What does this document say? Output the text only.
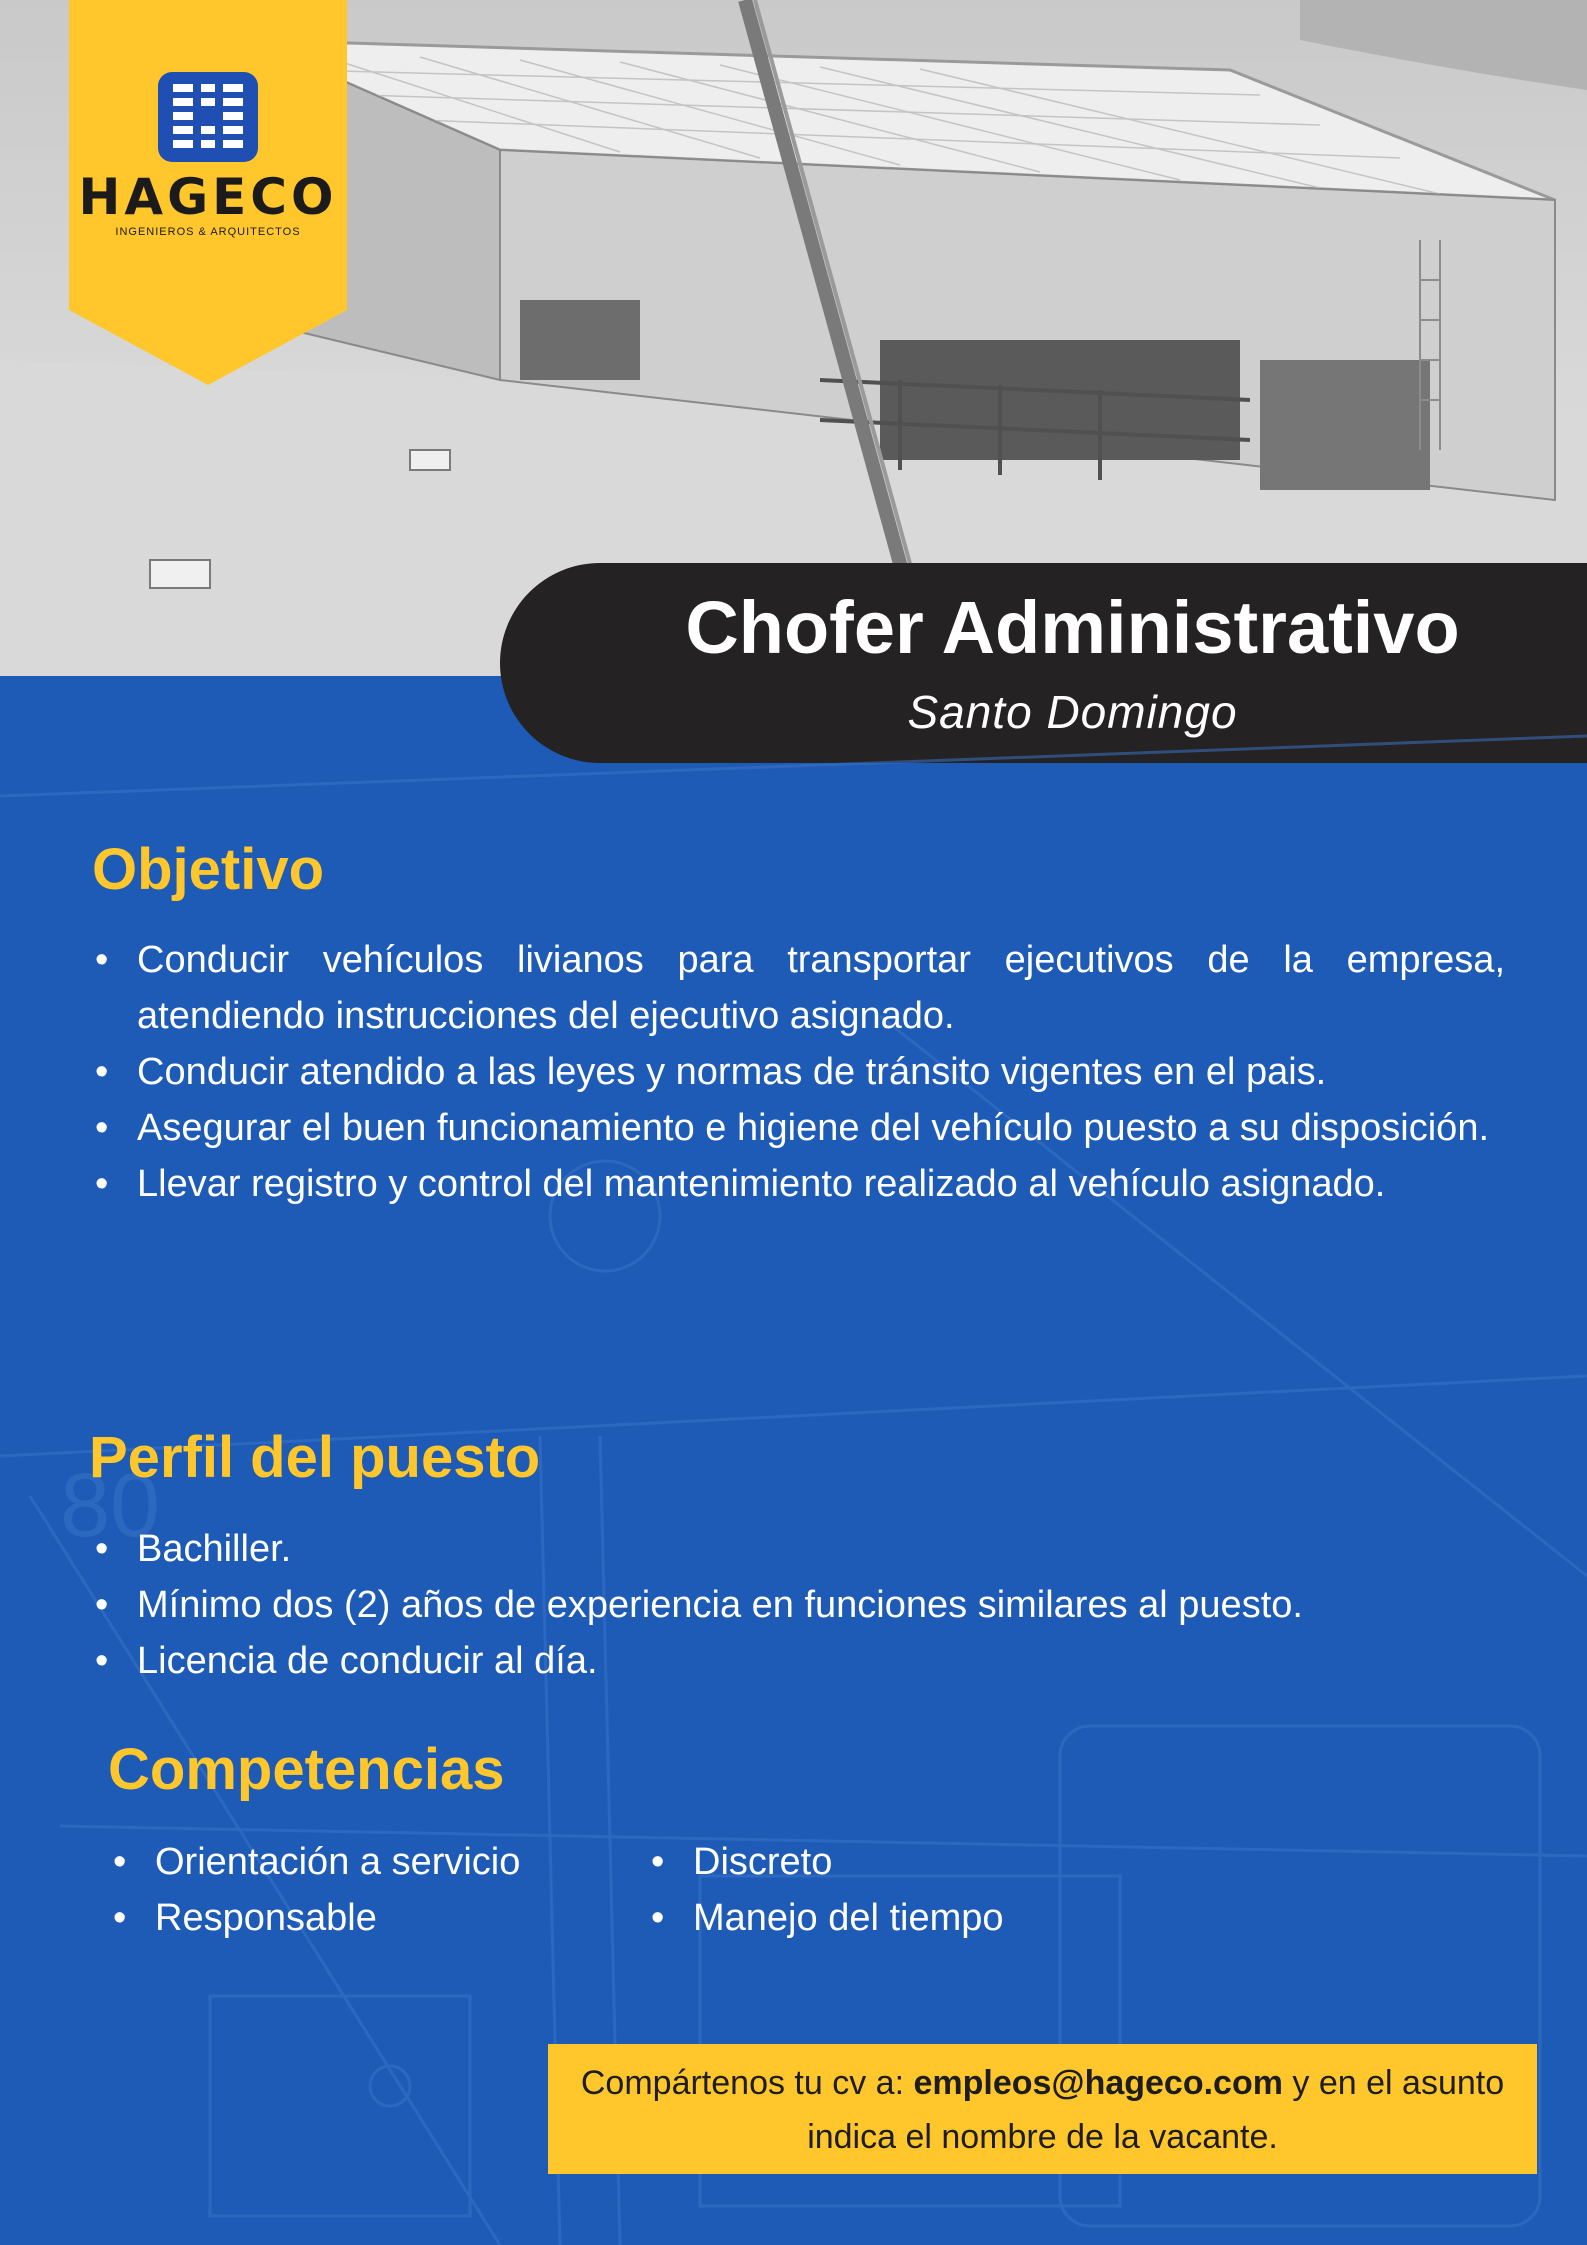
HAGECO
INGENIEROS & ARQUITECTOS
Chofer Administrativo
Santo Domingo
80
Objetivo
• Conducir vehículos livianos para transportar ejecutivos de la empresa, atendiendo instrucciones del ejecutivo asignado.
• Conducir atendido a las leyes y normas de tránsito vigentes en el pais.
• Asegurar el buen funcionamiento e higiene del vehículo puesto a su disposición.
• Llevar registro y control del mantenimiento realizado al vehículo asignado.
Perfil del puesto
• Bachiller.
• Mínimo dos (2) años de experiencia en funciones similares al puesto.
• Licencia de conducir al día.
Competencias
• Orientación a servicio
• Responsable
• Discreto
• Manejo del tiempo
Compártenos tu cv a: empleos@hageco.com y en el asunto indica el nombre de la vacante.
